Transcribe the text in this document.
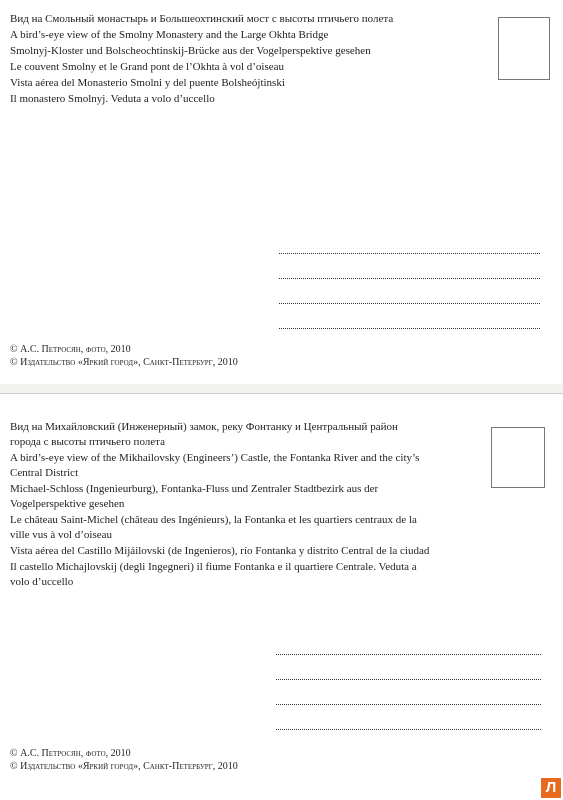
Вид на Смольный монастырь и Большеохтинский мост с высоты птичьего полета

A bird’s-eye view of the Smolny Monastery and the Large Okhta Bridge

Smolnyj-Kloster und Bolscheochtinskij-Brücke aus der Vogelperspektive gesehen

Le couvent Smolny et le Grand pont de l’Okhta à vol d’oiseau

Vista aérea del Monasterio Smolni y del puente Bolsheójtinski

Il monastero Smolnyj. Veduta a volo d’uccello

© А.С. Петросян, фото, 2010

© Издательство «Яркий город», Санкт-Петербург, 2010

Вид на Михайловский (Инженерный) замок, реку Фонтанку и Центральный район города с высоты птичьего полета

A bird’s-eye view of the Mikhailovsky (Engineers’) Castle, the Fontanka River and the city’s Central District

Michael-Schloss (Ingenieurburg), Fontanka-Fluss und Zentraler Stadtbezirk aus der Vogelperspektive gesehen

Le château Saint-Michel (château des Ingénieurs), la Fontanka et les quartiers centraux de la ville vus à vol d’oiseau

Vista aérea del Castillo Mijáilovski (de Ingenieros), río Fontanka y distrito Central de la ciudad

Il castello Michajlovskij (degli Ingegneri) il fiume Fontanka e il quartiere Centrale. Veduta a volo d’uccello

© А.С. Петросян, фото, 2010

© Издательство «Яркий город», Санкт-Петербург, 2010

Л
